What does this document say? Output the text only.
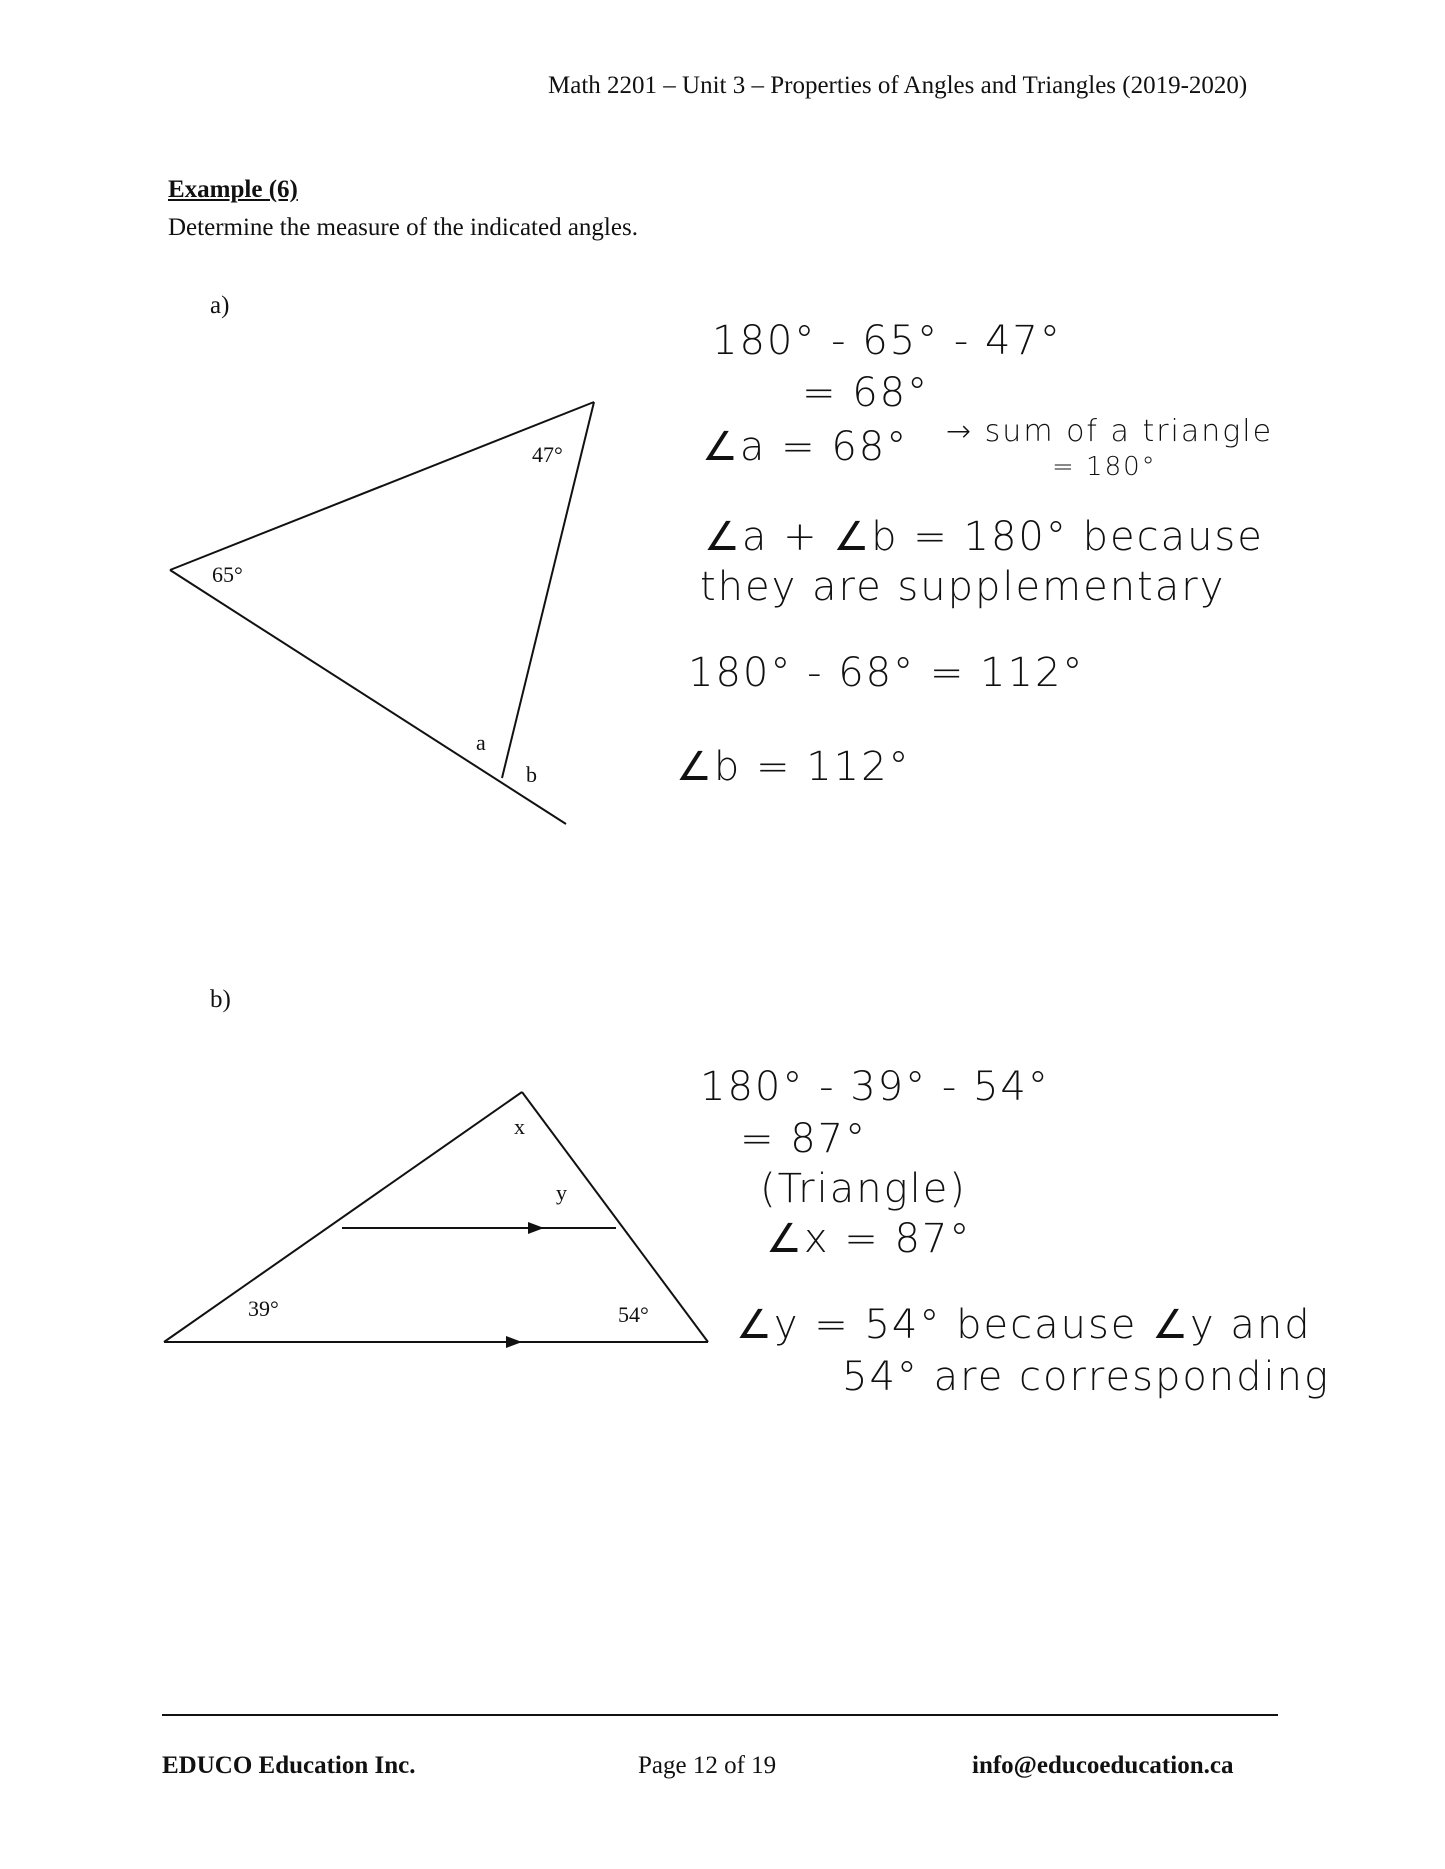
Math 2201 – Unit 3 – Properties of Angles and Triangles (2019-2020)
Example (6)
Determine the measure of the indicated angles.
a)
47°
65°
a
b
180° - 65° - 47°
= 68°
∠a = 68° → sum of a triangle
= 180°
∠a + ∠b = 180° because
they are supplementary
180° - 68° = 112°
∠b = 112°
b)
x
y
39°	54°
180° - 39° - 54°
= 87°
(Triangle)
∠x = 87°
∠y = 54° because ∠y and
54° are corresponding
EDUCO Education Inc.	Page 12 of 19	info@educoeducation.ca
